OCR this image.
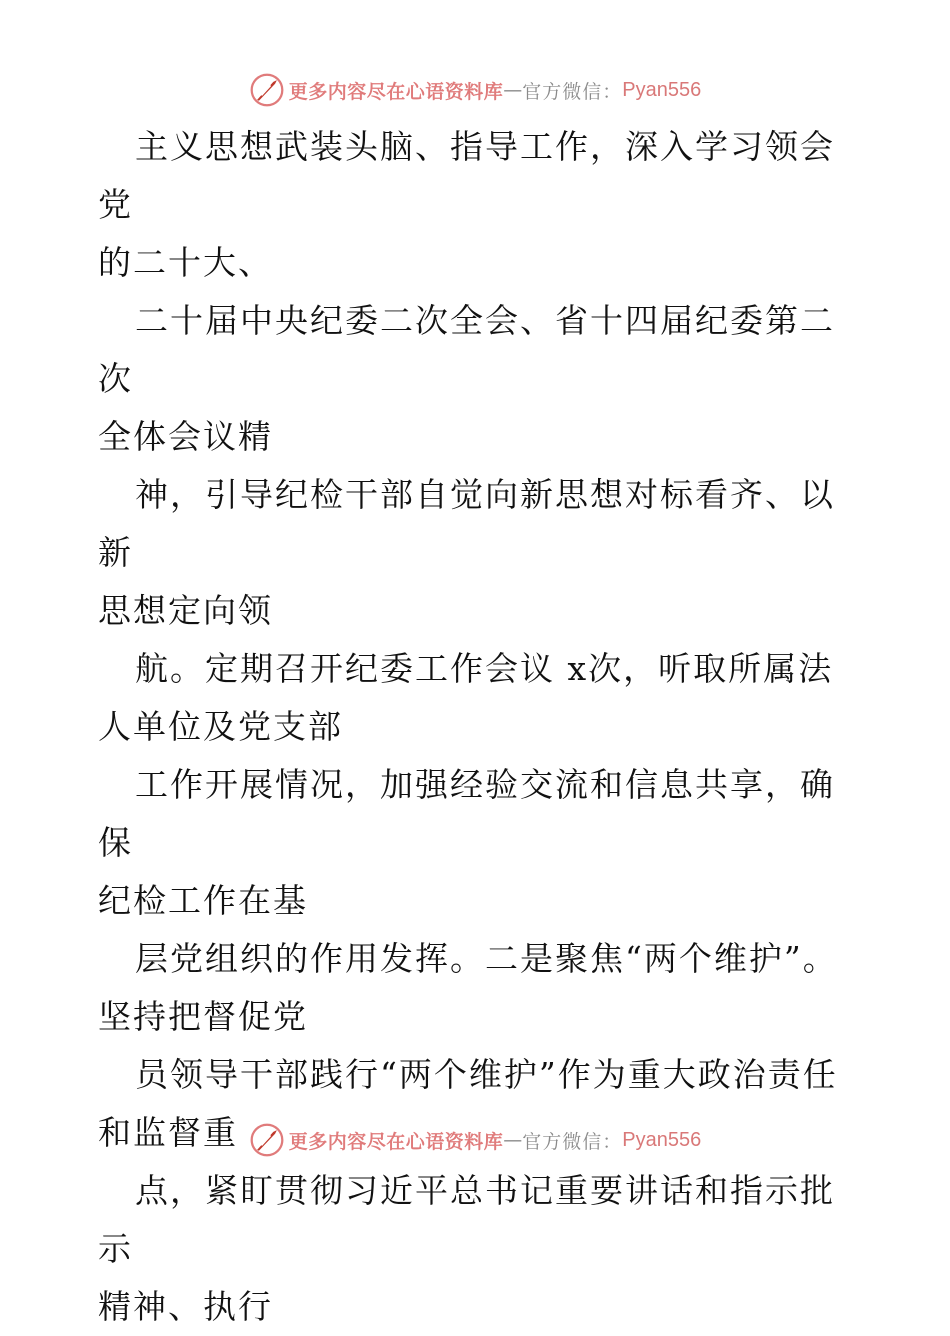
更多内容尽在心语资料库 — 官方微信： Pyan556

主义思想武装头脑、指导工作，深入学习领会党
的二十大、

二十届中央纪委二次全会、省十四届纪委第二次
全体会议精

神，引导纪检干部自觉向新思想对标看齐、以新
思想定向领

航。定期召开纪委工作会议 x次，听取所属法
人单位及党支部

工作开展情况，加强经验交流和信息共享，确保
纪检工作在基

层党组织的作用发挥。二是聚焦“两个维护”。
坚持把督促党

员领导干部践行“两个维护”作为重大政治责任
和监督重

点，紧盯贯彻习近平总书记重要讲话和指示批示
精神、执行

更多内容尽在心语资料库 — 官方微信： Pyan556
